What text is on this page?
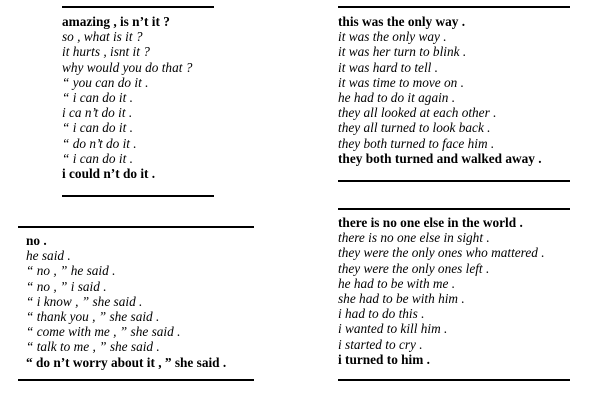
amazing , is n’t it ?
so , what is it ?
it hurts , isnt it ?
why would you do that ?
“ you can do it .
“ i can do it .
i ca n’t do it .
“ i can do it .
“ do n’t do it .
“ i can do it .
i could n’t do it .
this was the only way .
it was the only way .
it was her turn to blink .
it was hard to tell .
it was time to move on .
he had to do it again .
they all looked at each other .
they all turned to look back .
they both turned to face him .
they both turned and walked away .
no .
he said .
“ no , ” he said .
“ no , ” i said .
“ i know , ” she said .
“ thank you , ” she said .
“ come with me , ” she said .
“ talk to me , ” she said .
“ do n’t worry about it , ” she said .
there is no one else in the world .
there is no one else in sight .
they were the only ones who mattered .
they were the only ones left .
he had to be with me .
she had to be with him .
i had to do this .
i wanted to kill him .
i started to cry .
i turned to him .
